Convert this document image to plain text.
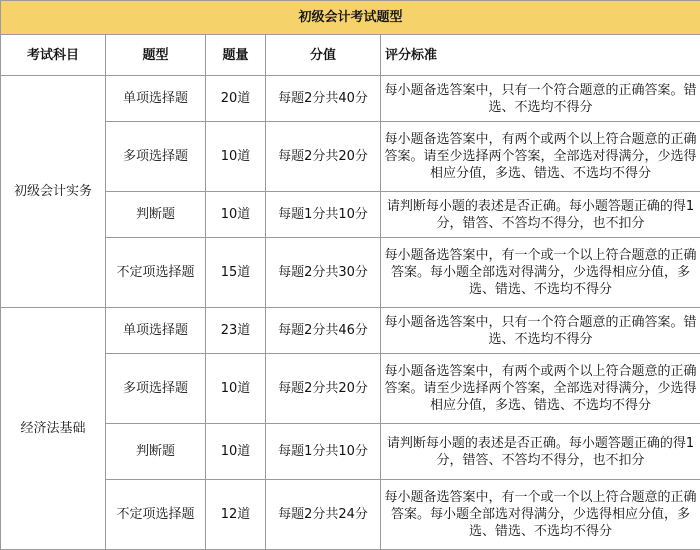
初级会计考试题型				
考试科目	题型	题量	分值	评分标准
初级会计实务	单项选择题	20道	每题2分共40分	每小题备选答案中，只有一个符合题意的正确答案。错选、不选均不得分
	多项选择题	10道	每题2分共20分	每小题备选答案中，有两个或两个以上符合题意的正确答案。请至少选择两个答案，全部选对得满分，少选得相应分值，多选、错选、不选均不得分
	判断题	10道	每题1分共10分	请判断每小题的表述是否正确。每小题答题正确的得1分，错答、不答均不得分，也不扣分
	不定项选择题	15道	每题2分共30分	每小题备选答案中，有一个或一个以上符合题意的正确答案。每小题全部选对得满分，少选得相应分值，多选、错选、不选均不得分
经济法基础	单项选择题	23道	每题2分共46分	每小题备选答案中，只有一个符合题意的正确答案。错选、不选均不得分
	多项选择题	10道	每题2分共20分	每小题备选答案中，有两个或两个以上符合题意的正确答案。请至少选择两个答案，全部选对得满分，少选得相应分值，多选、错选、不选均不得分
	判断题	10道	每题1分共10分	请判断每小题的表述是否正确。每小题答题正确的得1分，错答、不答均不得分，也不扣分
	不定项选择题	12道	每题2分共24分	每小题备选答案中，有一个或一个以上符合题意的正确答案。每小题全部选对得满分，少选得相应分值，多选、错选、不选均不得分
